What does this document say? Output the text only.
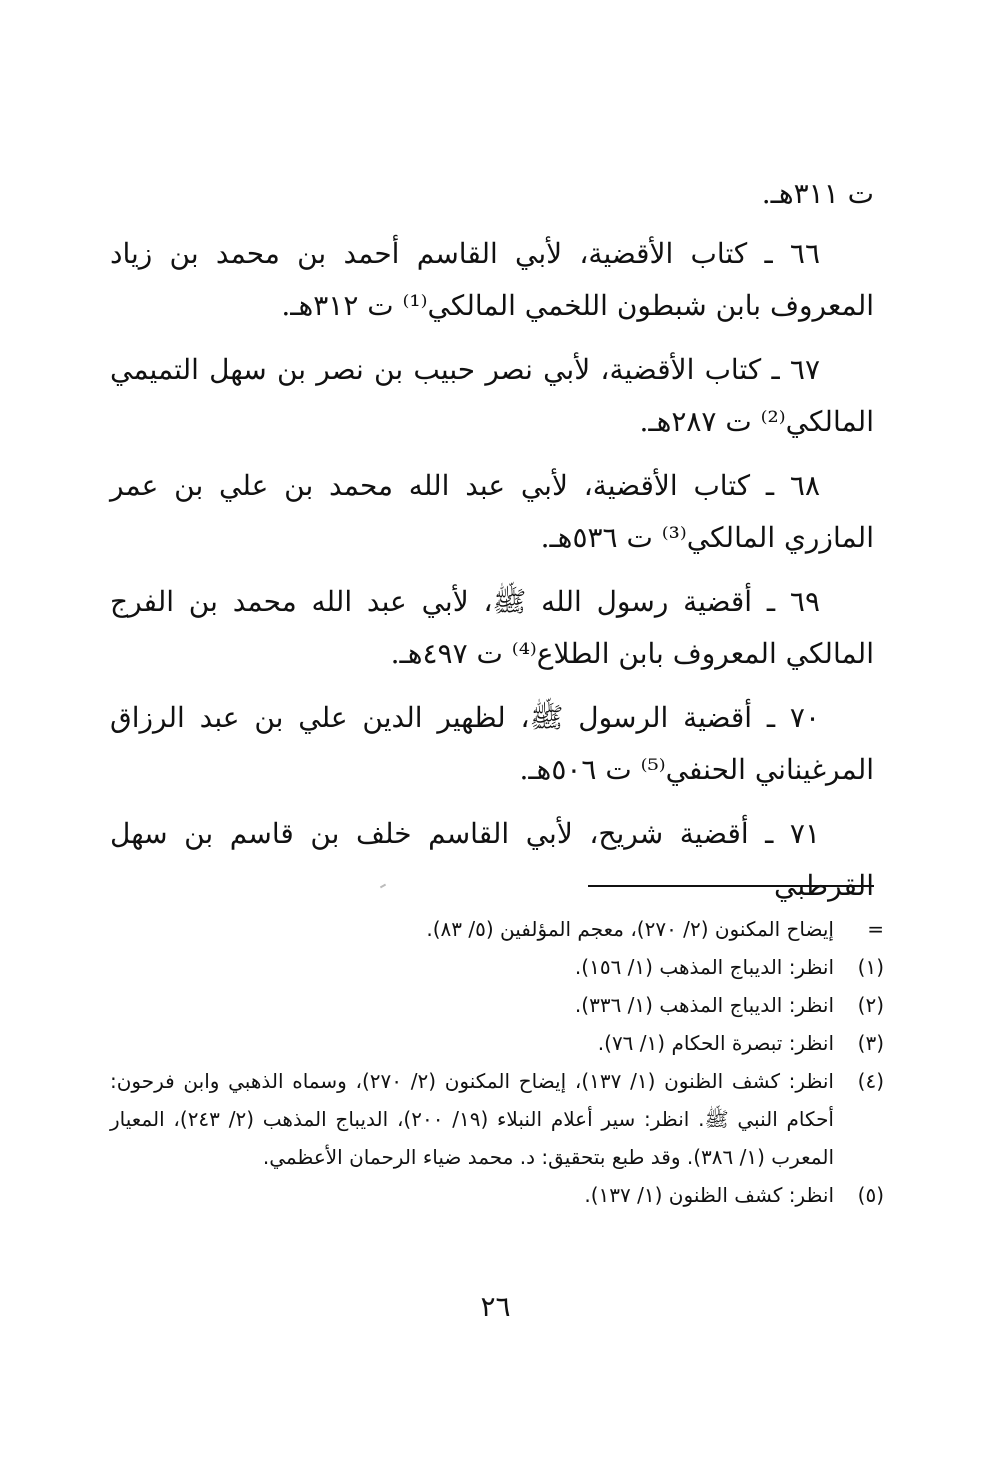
ت ٣١١هـ.

٦٦ ـ كتاب الأقضية، لأبي القاسم أحمد بن محمد بن زياد المعروف بابن شبطون اللخمي المالكي⁽¹⁾ ت ٣١٢هـ.

٦٧ ـ كتاب الأقضية، لأبي نصر حبيب بن نصر بن سهل التميمي المالكي⁽²⁾ ت ٢٨٧هـ.

٦٨ ـ كتاب الأقضية، لأبي عبد الله محمد بن علي بن عمر المازري المالكي⁽³⁾ ت ٥٣٦هـ.

٦٩ ـ أقضية رسول الله ﷺ، لأبي عبد الله محمد بن الفرج المالكي المعروف بابن الطلاع⁽⁴⁾ ت ٤٩٧هـ.

٧٠ ـ أقضية الرسول ﷺ، لظهير الدين علي بن عبد الرزاق المرغيناني الحنفي⁽⁵⁾ ت ٥٠٦هـ.

٧١ ـ أقضية شريح، لأبي القاسم خلف بن قاسم بن سهل القرطبي

=
إيضاح المكنون (٢/ ٢٧٠)، معجم المؤلفين (٥/ ٨٣).
(١)
انظر: الديباج المذهب (١/ ١٥٦).
(٢)
انظر: الديباج المذهب (١/ ٣٣٦).
(٣)
انظر: تبصرة الحكام (١/ ٧٦).
(٤)
انظر: كشف الظنون (١/ ١٣٧)، إيضاح المكنون (٢/ ٢٧٠)، وسماه الذهبي وابن فرحون: أحكام النبي ﷺ. انظر: سير أعلام النبلاء (١٩/ ٢٠٠)، الديباج المذهب (٢/ ٢٤٣)، المعيار المعرب (١/ ٣٨٦). وقد طبع بتحقيق: د. محمد ضياء الرحمان الأعظمي.
(٥)
انظر: كشف الظنون (١/ ١٣٧).
٢٦
